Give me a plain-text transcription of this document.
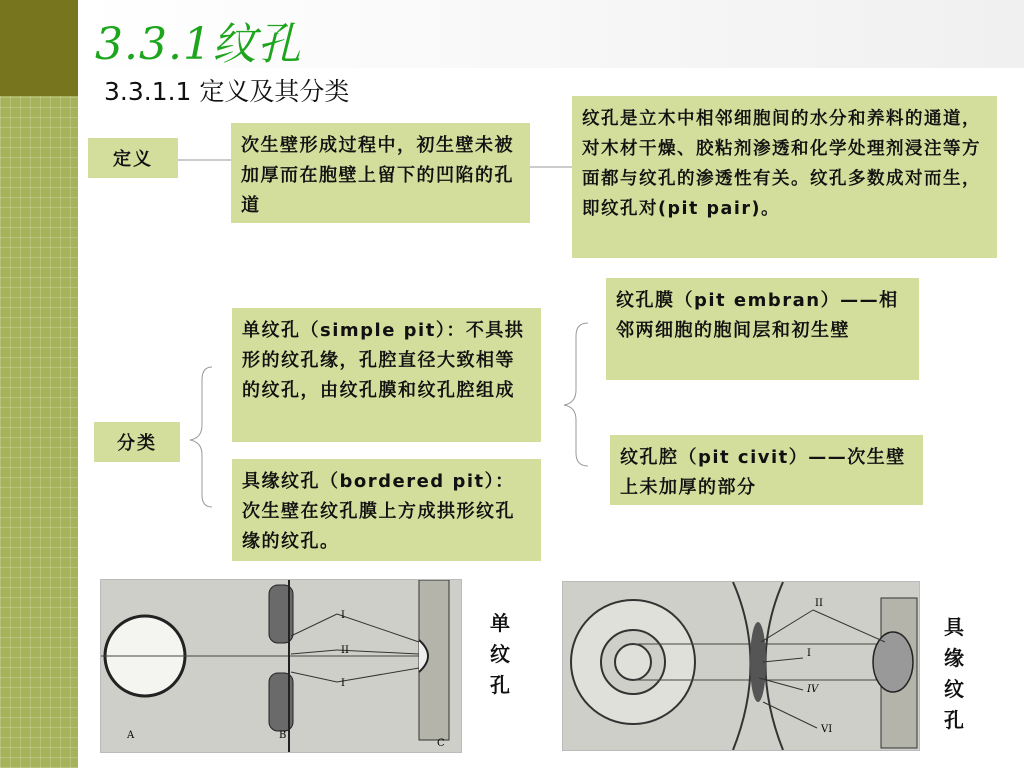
3.3.1纹孔
3.3.1.1 定义及其分类
定义
次生壁形成过程中，初生壁未被加厚而在胞壁上留下的凹陷的孔道
纹孔是立木中相邻细胞间的水分和养料的通道，对木材干燥、胶粘剂渗透和化学处理剂浸注等方面都与纹孔的渗透性有关。纹孔多数成对而生，即纹孔对(pit pair)。
分类
单纹孔（simple pit）：不具拱形的纹孔缘，孔腔直径大致相等的纹孔，由纹孔膜和纹孔腔组成
具缘纹孔（bordered pit）：次生壁在纹孔膜上方成拱形纹孔缘的纹孔。
纹孔膜（pit embran）——相邻两细胞的胞间层和初生壁
纹孔腔（pit civit）——次生壁上未加厚的部分
I
II
I
A	B
C
单纹孔
II
I
IV
VI
具缘纹孔
